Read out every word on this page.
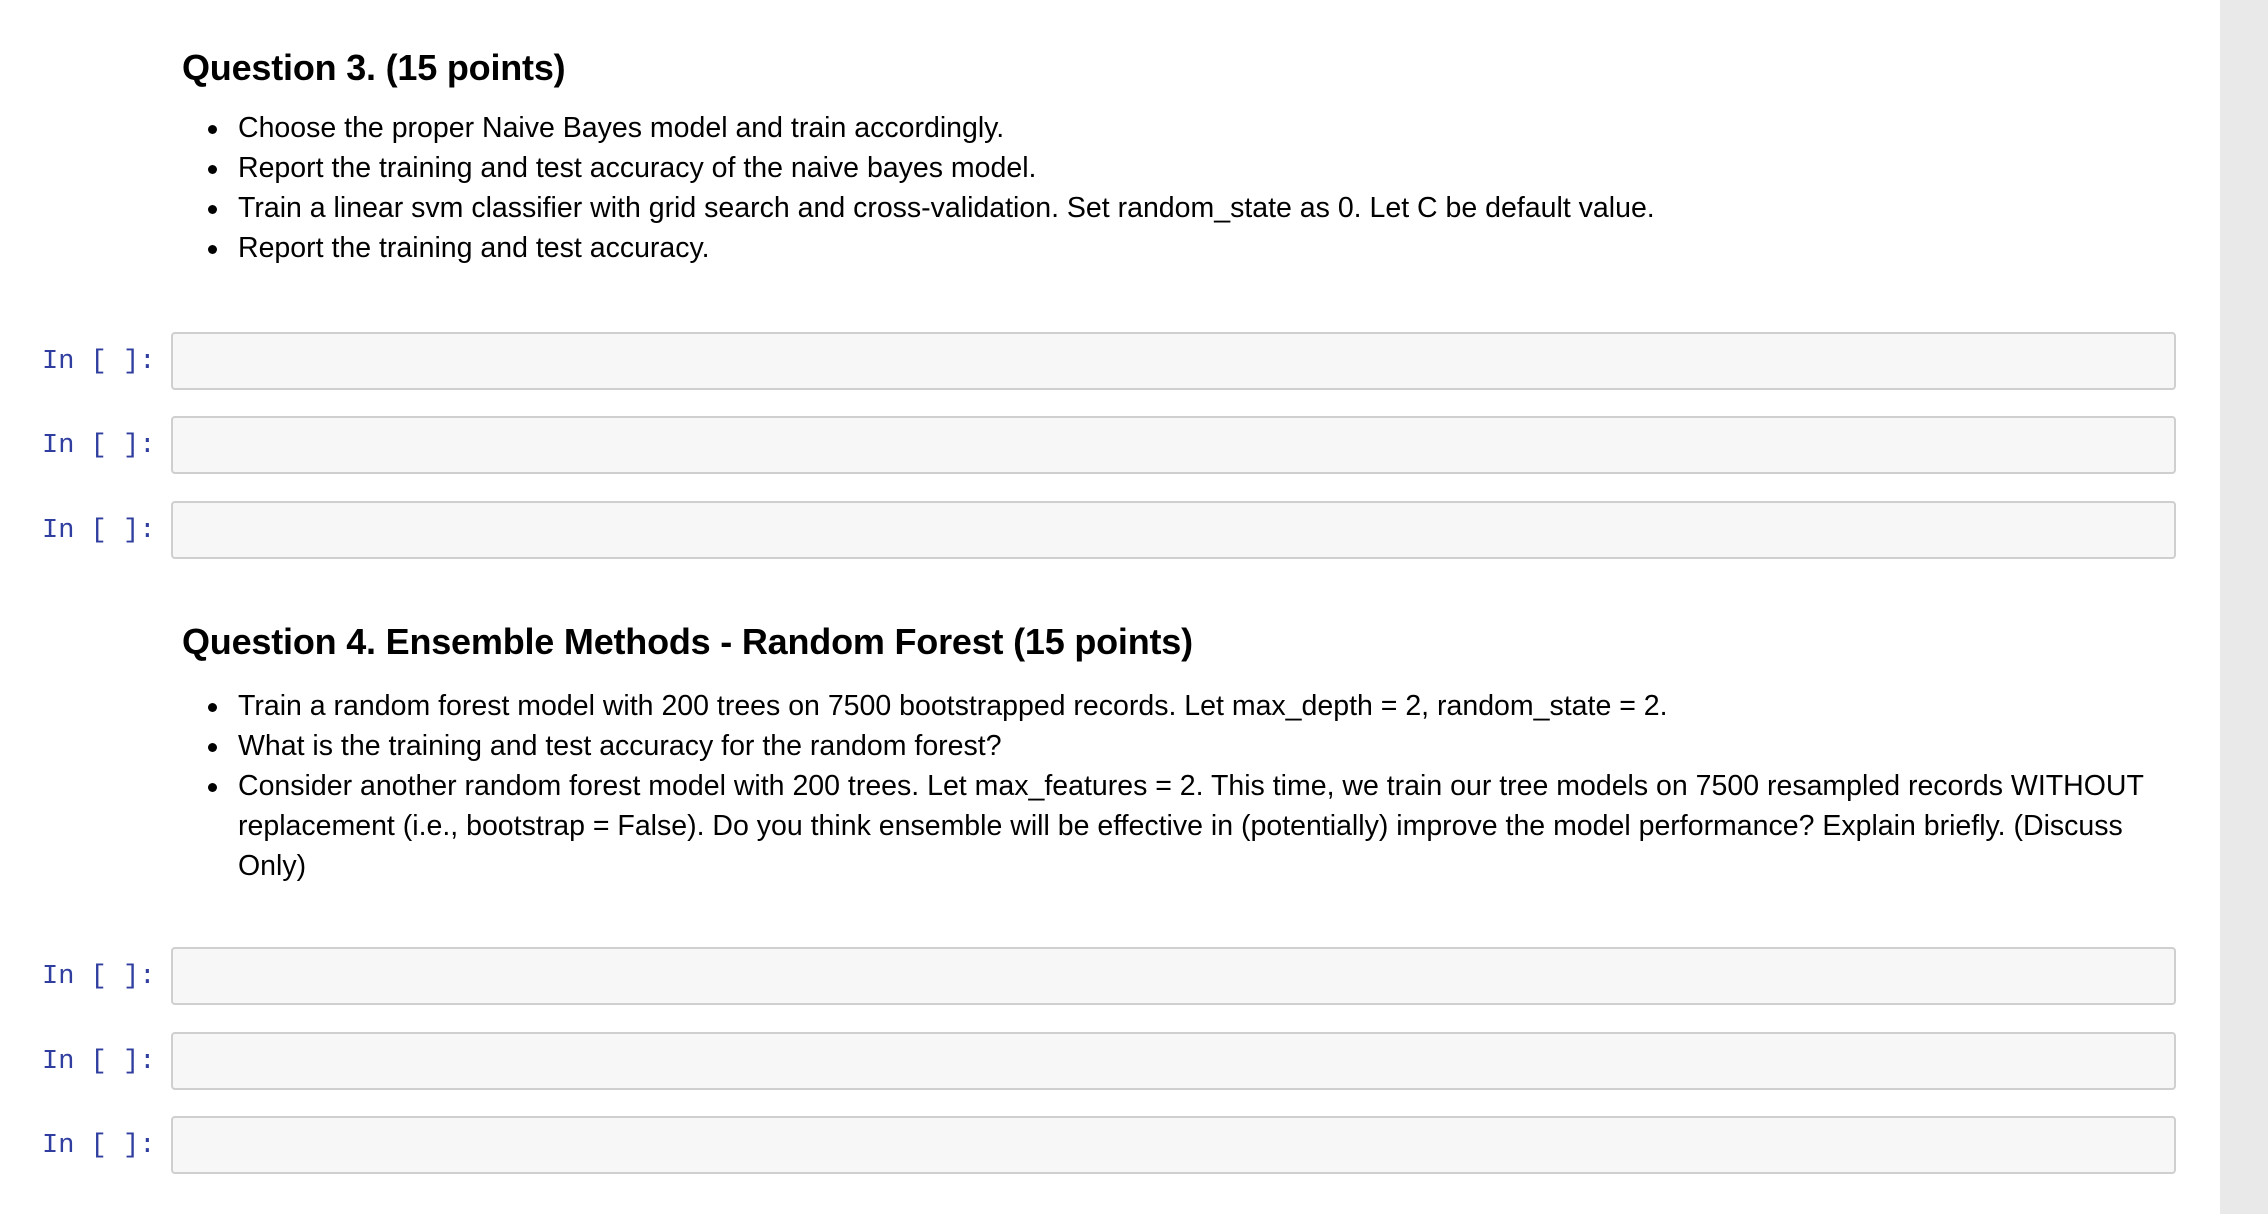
Question 3. (15 points)
Choose the proper Naive Bayes model and train accordingly.
Report the training and test accuracy of the naive bayes model.
Train a linear svm classifier with grid search and cross-validation. Set random_state as 0. Let C be default value.
Report the training and test accuracy.
In [ ]:
In [ ]:
In [ ]:
Question 4. Ensemble Methods - Random Forest (15 points)
Train a random forest model with 200 trees on 7500 bootstrapped records. Let max_depth = 2, random_state = 2.
What is the training and test accuracy for the random forest?
Consider another random forest model with 200 trees. Let max_features = 2. This time, we train our tree models on 7500 resampled records WITHOUT replacement (i.e., bootstrap = False). Do you think ensemble will be effective in (potentially) improve the model performance? Explain briefly. (Discuss Only)
In [ ]:
In [ ]:
In [ ]:
